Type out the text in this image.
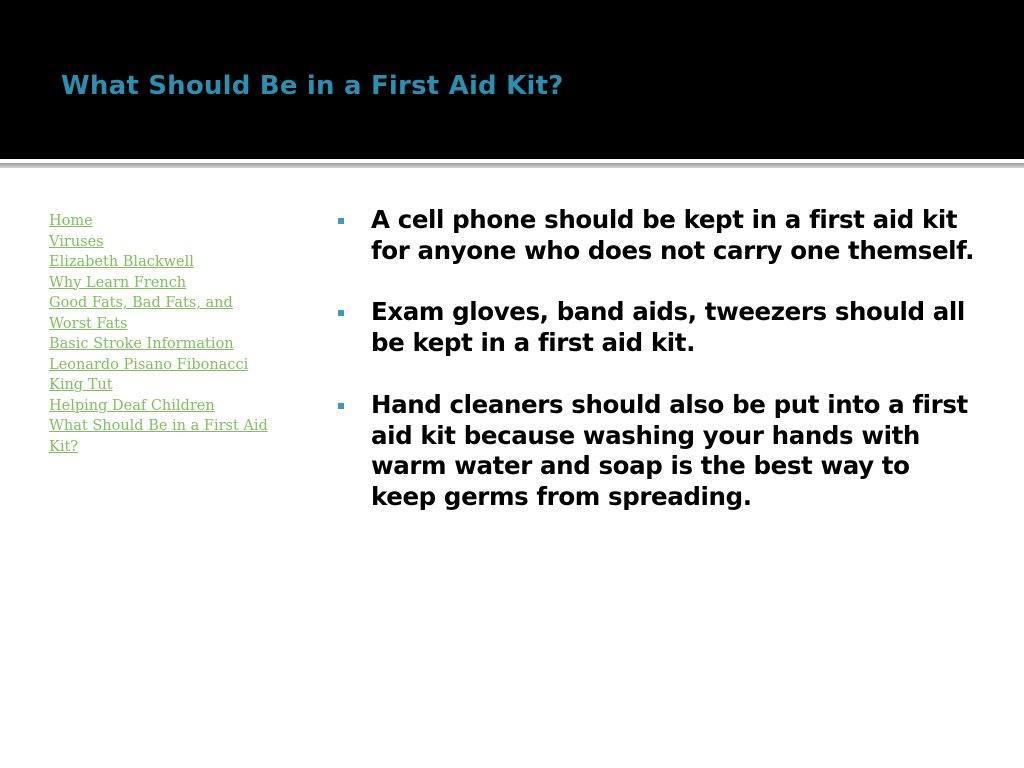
What Should Be in a First Aid Kit?
Home
Viruses
Elizabeth Blackwell
Why Learn French
Good Fats, Bad Fats, and Worst Fats
Basic Stroke Information
Leonardo Pisano Fibonacci
King Tut
Helping Deaf Children
What Should Be in a First Aid Kit?
A cell phone should be kept in a first aid kit for anyone who does not carry one themself.
Exam gloves, band aids, tweezers should all be kept in a first aid kit.
Hand cleaners should also be put into a first aid kit because washing your hands with warm water and soap is the best way to keep germs from spreading.
